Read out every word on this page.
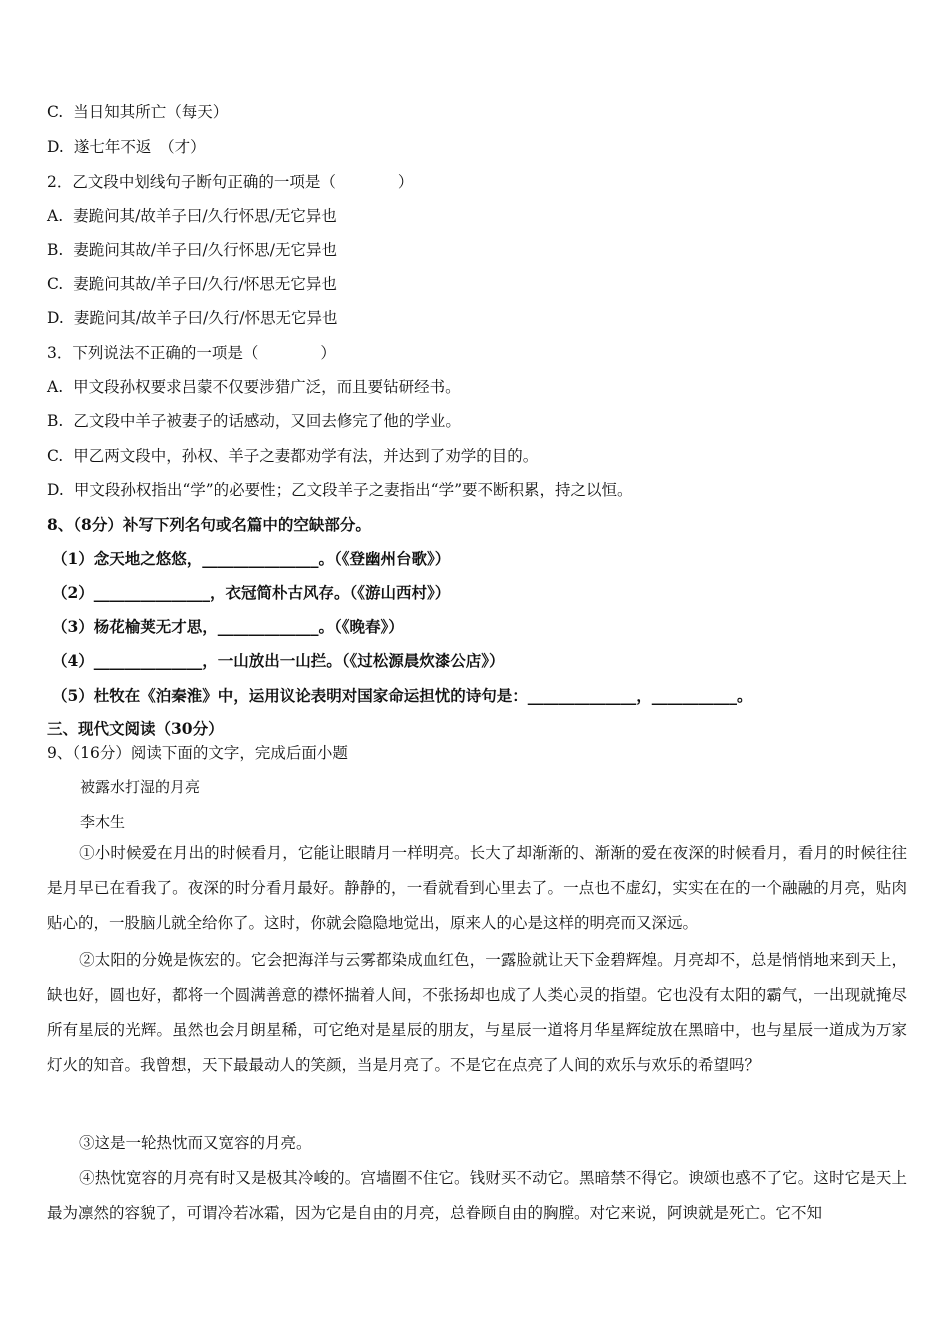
C. 当日知其所亡（每天）
D. 遂七年不返　（才）
2．乙文段中划线句子断句正确的一项是（　　　　）
A. 妻跪问其/故羊子曰/久行怀思/无它异也
B. 妻跪问其故/羊子曰/久行怀思/无它异也
C. 妻跪问其故/羊子曰/久行/怀思无它异也
D. 妻跪问其/故羊子曰/久行/怀思无它异也
3．下列说法不正确的一项是（　　　　）
A. 甲文段孙权要求吕蒙不仅要涉猎广泛，而且要钻研经书。
B. 乙文段中羊子被妻子的话感动，又回去修完了他的学业。
C. 甲乙两文段中，孙权、羊子之妻都劝学有法，并达到了劝学的目的。
D. 甲文段孙权指出“学”的必要性；乙文段羊子之妻指出“学”要不断积累，持之以恒。
8、（8分）补写下列名句或名篇中的空缺部分。
（1）念天地之悠悠，_______________。（《登幽州台歌》）
（2）_______________，衣冠简朴古风存。（《游山西村》）
（3）杨花榆荚无才思，_____________。（《晚春》）
（4）______________，一山放出一山拦。（《过松源晨炊漆公店》）
（5）杜牧在《泊秦淮》中，运用议论表明对国家命运担忧的诗句是：______________，___________。
三、现代文阅读（30分）
9、（16分）阅读下面的文字，完成后面小题
被露水打湿的月亮
李木生
①小时候爱在月出的时候看月，它能让眼睛月一样明亮。长大了却渐渐的、渐渐的爱在夜深的时候看月，看月的时候往往是月早已在看我了。夜深的时分看月最好。静静的，一看就看到心里去了。一点也不虚幻，实实在在的一个融融的月亮，贴肉贴心的，一股脑儿就全给你了。这时，你就会隐隐地觉出，原来人的心是这样的明亮而又深远。
②太阳的分娩是恢宏的。它会把海洋与云雾都染成血红色，一露脸就让天下金碧辉煌。月亮却不，总是悄悄地来到天上，缺也好，圆也好，都将一个圆满善意的襟怀揣着人间，不张扬却也成了人类心灵的指望。它也没有太阳的霸气，一出现就掩尽所有星辰的光辉。虽然也会月朗星稀，可它绝对是星辰的朋友，与星辰一道将月华星辉绽放在黑暗中，也与星辰一道成为万家灯火的知音。我曾想，天下最最动人的笑颜，当是月亮了。不是它在点亮了人间的欢乐与欢乐的希望吗？
③这是一轮热忱而又宽容的月亮。
④热忱宽容的月亮有时又是极其冷峻的。宫墙圈不住它。钱财买不动它。黑暗禁不得它。谀颂也惑不了它。这时它是天上最为凛然的容貌了，可谓冷若冰霜，因为它是自由的月亮，总眷顾自由的胸膛。对它来说，阿谀就是死亡。它不知
